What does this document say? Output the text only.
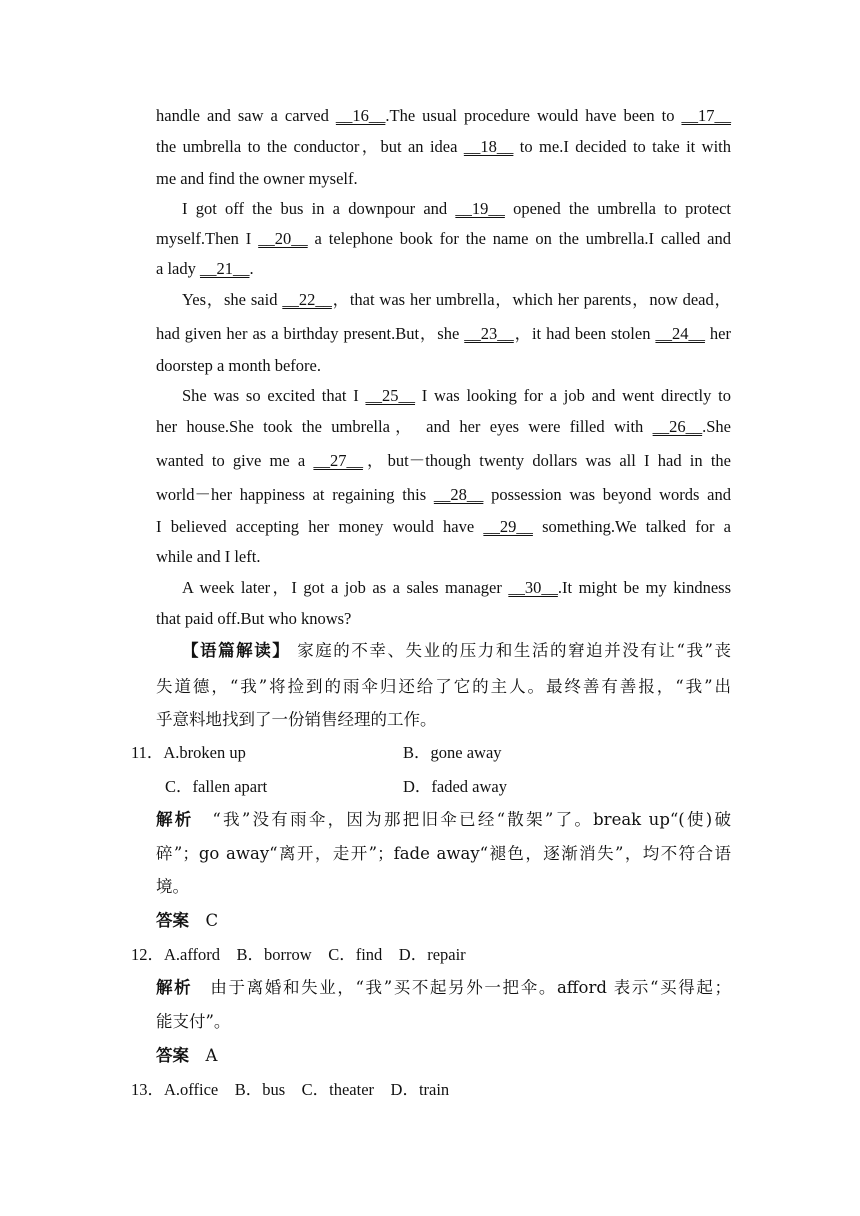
handle and saw a carved __16__.The usual procedure would have been to __17__
the umbrella to the conductor，but an idea __18__ to me.I decided to take it with
me and find the owner myself.
I got off the bus in a downpour and __19__ opened the umbrella to protect
myself.Then I __20__ a telephone book for the name on the umbrella.I called and
a lady __21__.
Yes，she said __22__，that was her umbrella，which her parents，now dead，
had given her as a birthday present.But，she __23__，it had been stolen __24__ her
doorstep a month before.
She was so excited that I __25__ I was looking for a job and went directly to
her house.She took the umbrella， and her eyes were filled with __26__.She
wanted to give me a __27__，but－though twenty dollars was all I had in the
world－her happiness at regaining this __28__ possession was beyond words and
I believed accepting her money would have __29__ something.We talked for a
while and I left.
A week later，I got a job as a sales manager __30__.It might be my kindness
that paid off.But who knows?
【语篇解读】 家庭的不幸、失业的压力和生活的窘迫并没有让“我”丧
失道德，“我”将捡到的雨伞归还给了它的主人。最终善有善报，“我”出
乎意料地找到了一份销售经理的工作。
11．A.broken up	B．gone away
C．fallen apart	D．faded away
解析　 “我”没有雨伞，因为那把旧伞已经“散架”了。break up“(使)破
碎”；go away“离开，走开”；fade away“褪色，逐渐消失”，均不符合语
境。
答案　 C
12．A.afford　B．borrow　C．find　D．repair
解析　 由于离婚和失业，“我”买不起另外一把伞。afford 表示“买得起；
能支付”。
答案　 A
13．A.office　B．bus　C．theater　D．train
